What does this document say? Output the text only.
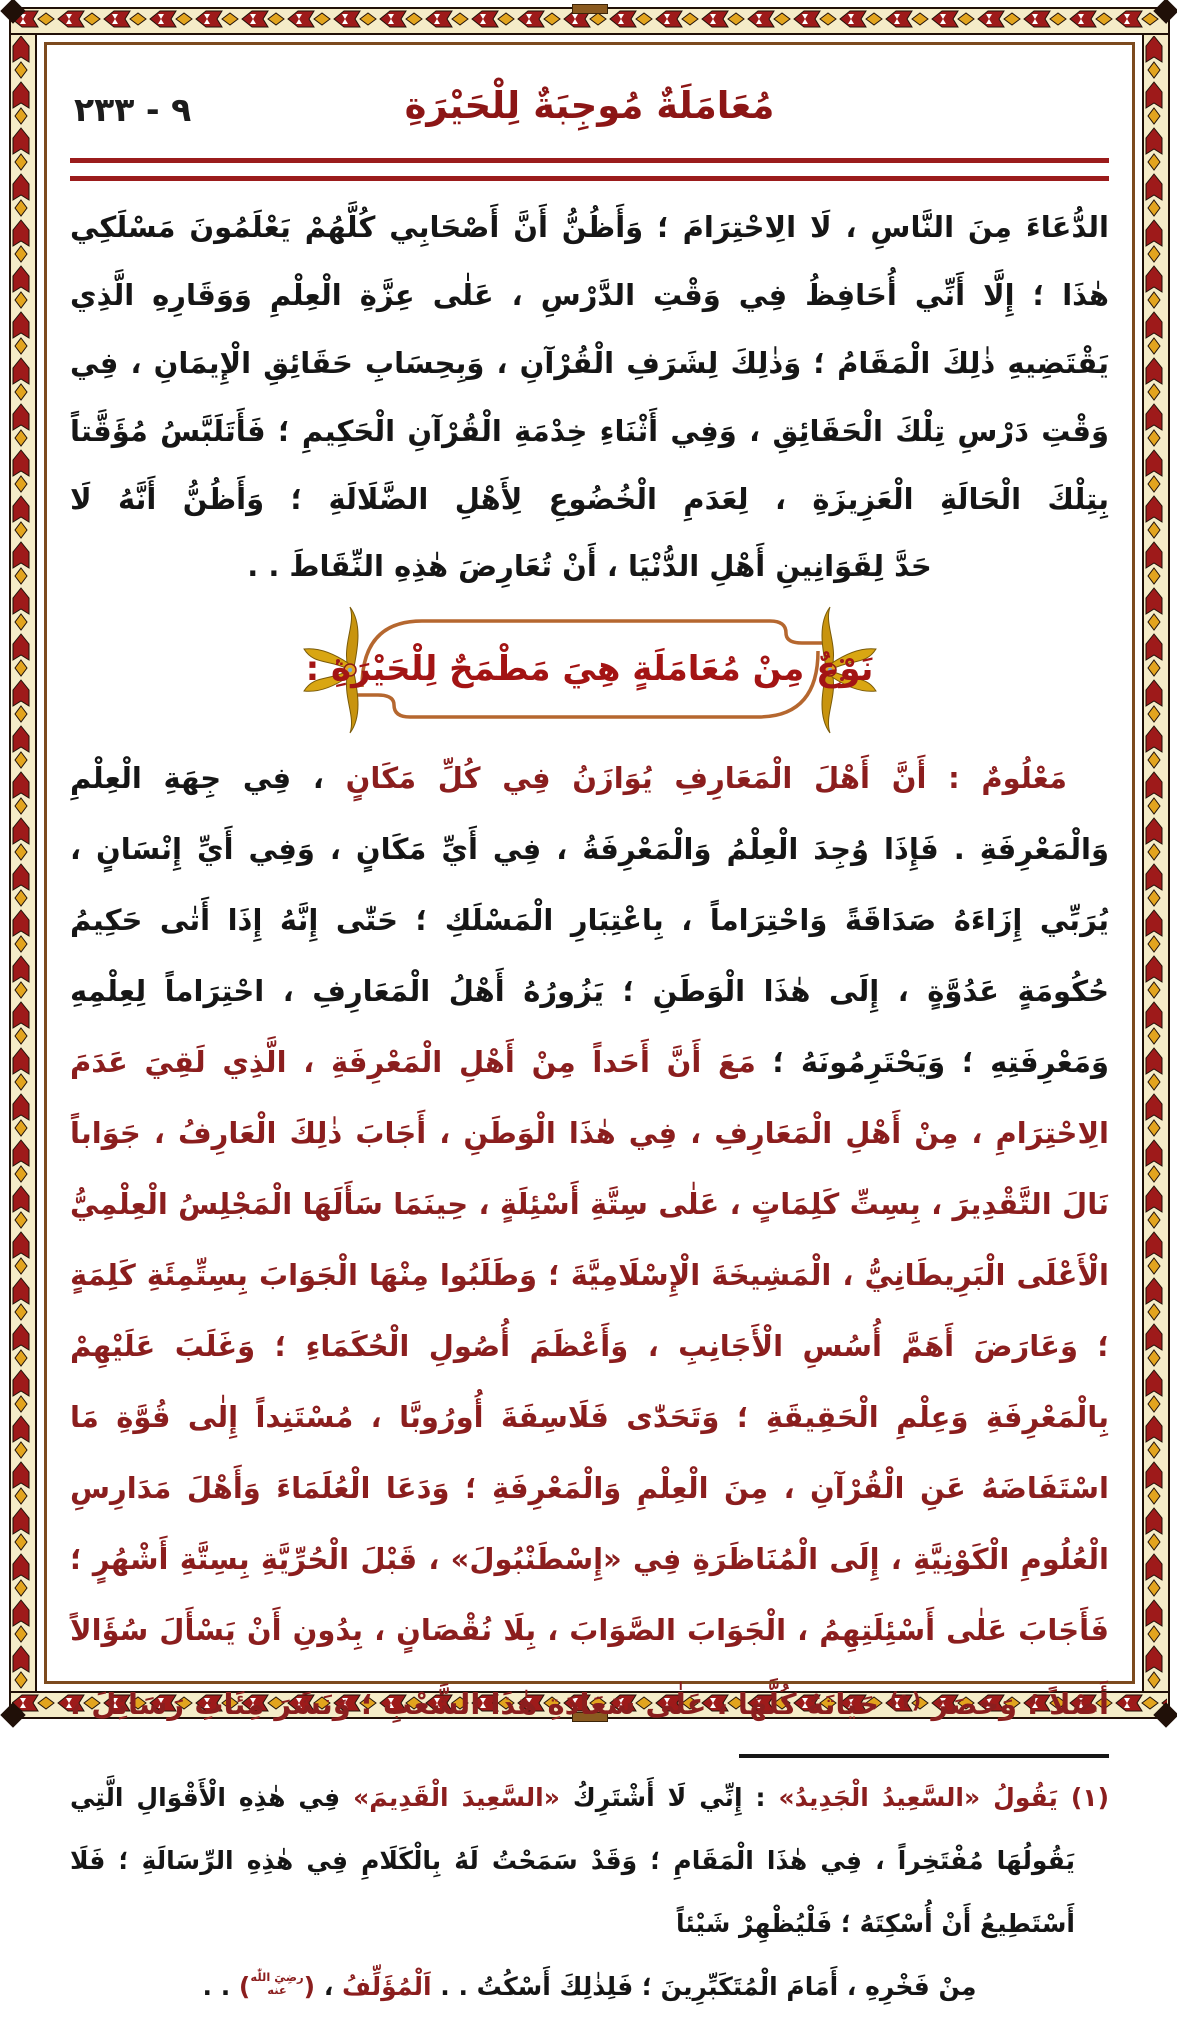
٩ - ٢٣٣	مُعَامَلَةٌ مُوجِبَةٌ لِلْحَيْرَةِ
الدُّعَاءَ مِنَ النَّاسِ ، لَا الِاحْتِرَامَ ؛ وَأَظُنُّ أَنَّ أَصْحَابِي كُلَّهُمْ يَعْلَمُونَ مَسْلَكِي هٰذَا ؛ إِلَّا أَنِّي أُحَافِظُ فِي وَقْتِ الدَّرْسِ ، عَلٰى عِزَّةِ الْعِلْمِ وَوَقَارِهِ الَّذِي يَقْتَضِيهِ ذٰلِكَ الْمَقَامُ ؛ وَذٰلِكَ لِشَرَفِ الْقُرْآنِ ، وَبِحِسَابِ حَقَائِقِ الْإِيمَانِ ، فِي وَقْتِ دَرْسِ تِلْكَ الْحَقَائِقِ ، وَفِي أَثْنَاءِ خِدْمَةِ الْقُرْآنِ الْحَكِيمِ ؛ فَأَتَلَبَّسُ مُؤَقَّتاً بِتِلْكَ الْحَالَةِ الْعَزِيزَةِ ، لِعَدَمِ الْخُضُوعِ لِأَهْلِ الضَّلَالَةِ ؛ وَأَظُنُّ أَنَّهُ لَا
حَدَّ لِقَوَانِينِ أَهْلِ الدُّنْيَا ، أَنْ تُعَارِضَ هٰذِهِ النِّقَاطَ . .
نَوْعٌ مِنْ مُعَامَلَةٍ هِيَ مَطْمَحٌ لِلْحَيْرَةِ :
مَعْلُومٌ : أَنَّ أَهْلَ الْمَعَارِفِ يُوَازَنُ فِي كُلِّ مَكَانٍ ، فِي جِهَةِ الْعِلْمِ وَالْمَعْرِفَةِ . فَإِذَا وُجِدَ الْعِلْمُ وَالْمَعْرِفَةُ ، فِي أَيِّ مَكَانٍ ، وَفِي أَيِّ إِنْسَانٍ ، يُرَبِّي إِزَاءَهُ صَدَاقَةً وَاحْتِرَاماً ، بِاعْتِبَارِ الْمَسْلَكِ ؛ حَتّٰى إِنَّهُ إِذَا أَتٰى حَكِيمُ حُكُومَةٍ عَدُوَّةٍ ، إِلَى هٰذَا الْوَطَنِ ؛ يَزُورُهُ أَهْلُ الْمَعَارِفِ ، احْتِرَاماً لِعِلْمِهِ وَمَعْرِفَتِهِ ؛ وَيَحْتَرِمُونَهُ ؛ مَعَ أَنَّ أَحَداً مِنْ أَهْلِ الْمَعْرِفَةِ ، الَّذِي لَقِيَ عَدَمَ الِاحْتِرَامِ ، مِنْ أَهْلِ الْمَعَارِفِ ، فِي هٰذَا الْوَطَنِ ، أَجَابَ ذٰلِكَ الْعَارِفُ ، جَوَاباً نَالَ التَّقْدِيرَ ، بِسِتِّ كَلِمَاتٍ ، عَلٰى سِتَّةِ أَسْئِلَةٍ ، حِينَمَا سَأَلَهَا الْمَجْلِسُ الْعِلْمِيُّ الْأَعْلَى الْبَرِيطَانِيُّ ، الْمَشِيخَةَ الْإِسْلَامِيَّةَ ؛ وَطَلَبُوا مِنْهَا الْجَوَابَ بِسِتِّمِئَةِ كَلِمَةٍ ؛ وَعَارَضَ أَهَمَّ أُسُسِ الْأَجَانِبِ ، وَأَعْظَمَ أُصُولِ الْحُكَمَاءِ ؛ وَغَلَبَ عَلَيْهِمْ بِالْمَعْرِفَةِ وَعِلْمِ الْحَقِيقَةِ ؛ وَتَحَدّٰى فَلَاسِفَةَ أُورُوبَّا ، مُسْتَنِداً إِلٰى قُوَّةِ مَا اسْتَفَاضَهُ عَنِ الْقُرْآنِ ، مِنَ الْعِلْمِ وَالْمَعْرِفَةِ ؛ وَدَعَا الْعُلَمَاءَ وَأَهْلَ مَدَارِسِ الْعُلُومِ الْكَوْنِيَّةِ ، إِلَى الْمُنَاظَرَةِ فِي «إِسْطَنْبُولَ» ، قَبْلَ الْحُرِّيَّةِ بِسِتَّةِ أَشْهُرٍ ؛ فَأَجَابَ عَلٰى أَسْئِلَتِهِمُ ، الْجَوَابَ الصَّوَابَ ، بِلَا نُقْصَانٍ ، بِدُونِ أَنْ يَسْأَلَ سُؤَالاً أَصْلاً ؛ وَحَصَرَ $^{(١)}$ حَيَاتَهُ كُلَّهَا ، عَلٰى سَعَادَةِ هٰذَا الشَّعْبِ ؛ وَنَشَرَ مِئَاتِ رَسَائِلَ ،
(١) يَقُولُ «السَّعِيدُ الْجَدِيدُ» : إِنِّي لَا أَشْتَرِكُ «السَّعِيدَ الْقَدِيمَ» فِي هٰذِهِ الْأَقْوَالِ الَّتِي يَقُولُهَا مُفْتَخِراً ، فِي هٰذَا الْمَقَامِ ؛ وَقَدْ سَمَحْتُ لَهُ بِالْكَلَامِ فِي هٰذِهِ الرِّسَالَةِ ؛ فَلَا أَسْتَطِيعُ أَنْ أُسْكِتَهُ ؛ فَلْيُظْهِرْ شَيْئاً
مِنْ فَخْرِهِ ، أَمَامَ الْمُتَكَبِّرِينَ ؛ فَلِذٰلِكَ أَسْكُتُ . . اَلْمُؤَلِّفُ ، (
رضِيَ اللّٰه
عنه
) . .
